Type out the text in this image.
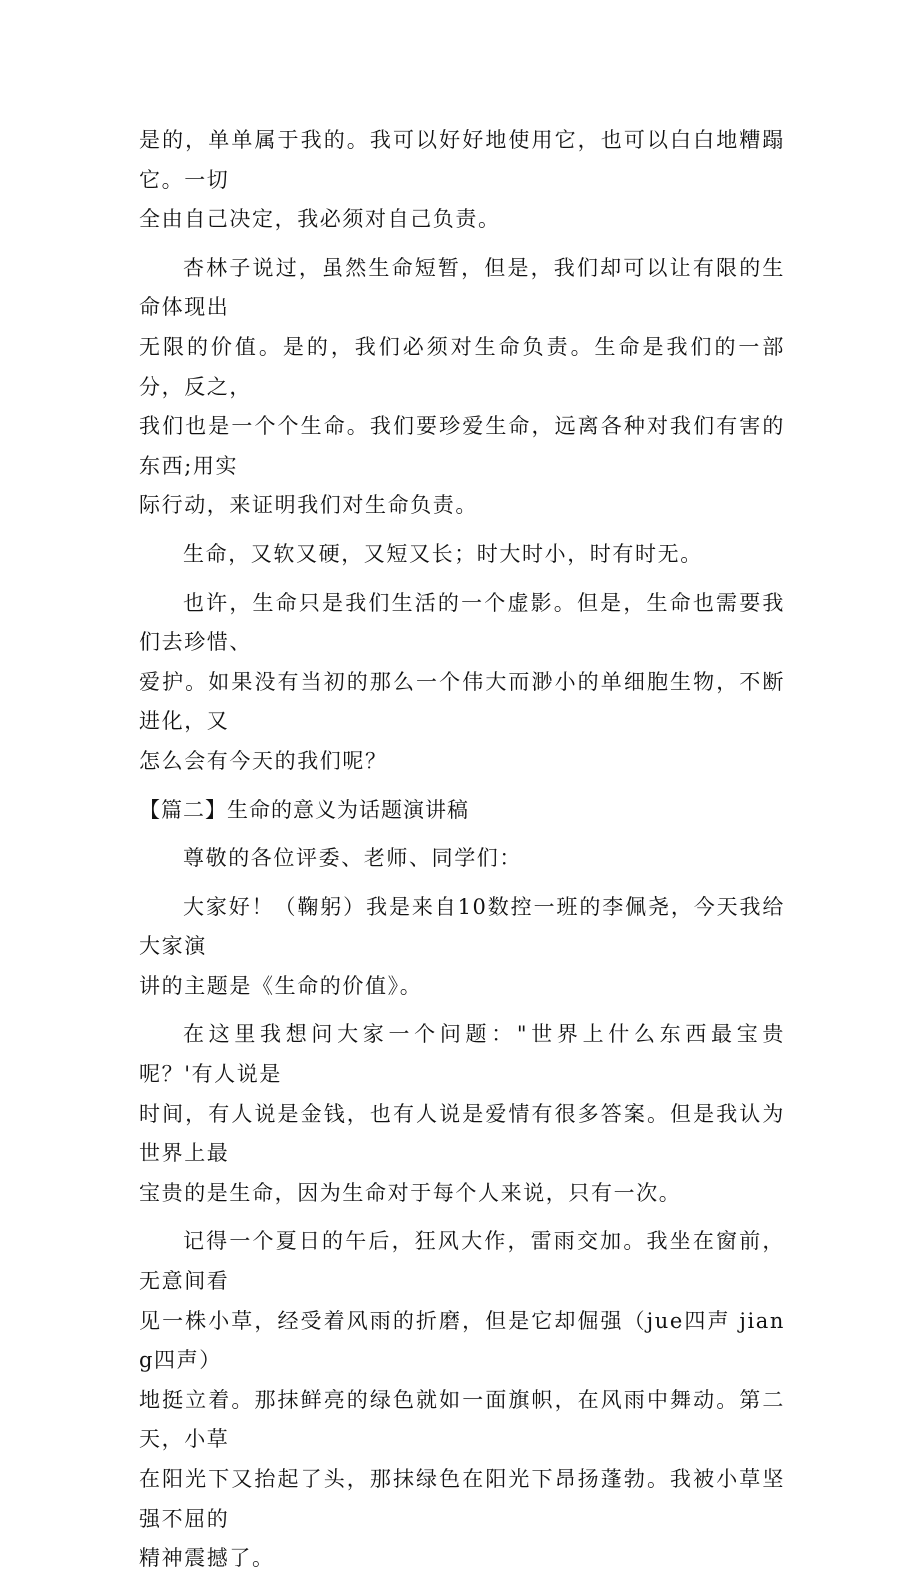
是的，单单属于我的。我可以好好地使用它，也可以白白地糟蹋它。一切
全由自己决定，我必须对自己负责。

杏林子说过，虽然生命短暂，但是，我们却可以让有限的生命体现出
无限的价值。是的，我们必须对生命负责。生命是我们的一部分，反之，
我们也是一个个生命。我们要珍爱生命，远离各种对我们有害的东西;用实
际行动，来证明我们对生命负责。

生命，又软又硬，又短又长；时大时小，时有时无。

也许，生命只是我们生活的一个虚影。但是，生命也需要我们去珍惜、
爱护。如果没有当初的那么一个伟大而渺小的单细胞生物，不断进化，又
怎么会有今天的我们呢？

【篇二】生命的意义为话题演讲稿

尊敬的各位评委、老师、同学们：

大家好！（鞠躬）我是来自10数控一班的李佩尧，今天我给大家演
讲的主题是《生命的价值》。

在这里我想问大家一个问题："世界上什么东西最宝贵呢？'有人说是
时间，有人说是金钱，也有人说是爱情有很多答案。但是我认为世界上最
宝贵的是生命，因为生命对于每个人来说，只有一次。

记得一个夏日的午后，狂风大作，雷雨交加。我坐在窗前，无意间看
见一株小草，经受着风雨的折磨，但是它却倔强（jue四声 jiang四声）
地挺立着。那抹鲜亮的绿色就如一面旗帜，在风雨中舞动。第二天，小草
在阳光下又抬起了头，那抹绿色在阳光下昂扬蓬勃。我被小草坚强不屈的
精神震撼了。
